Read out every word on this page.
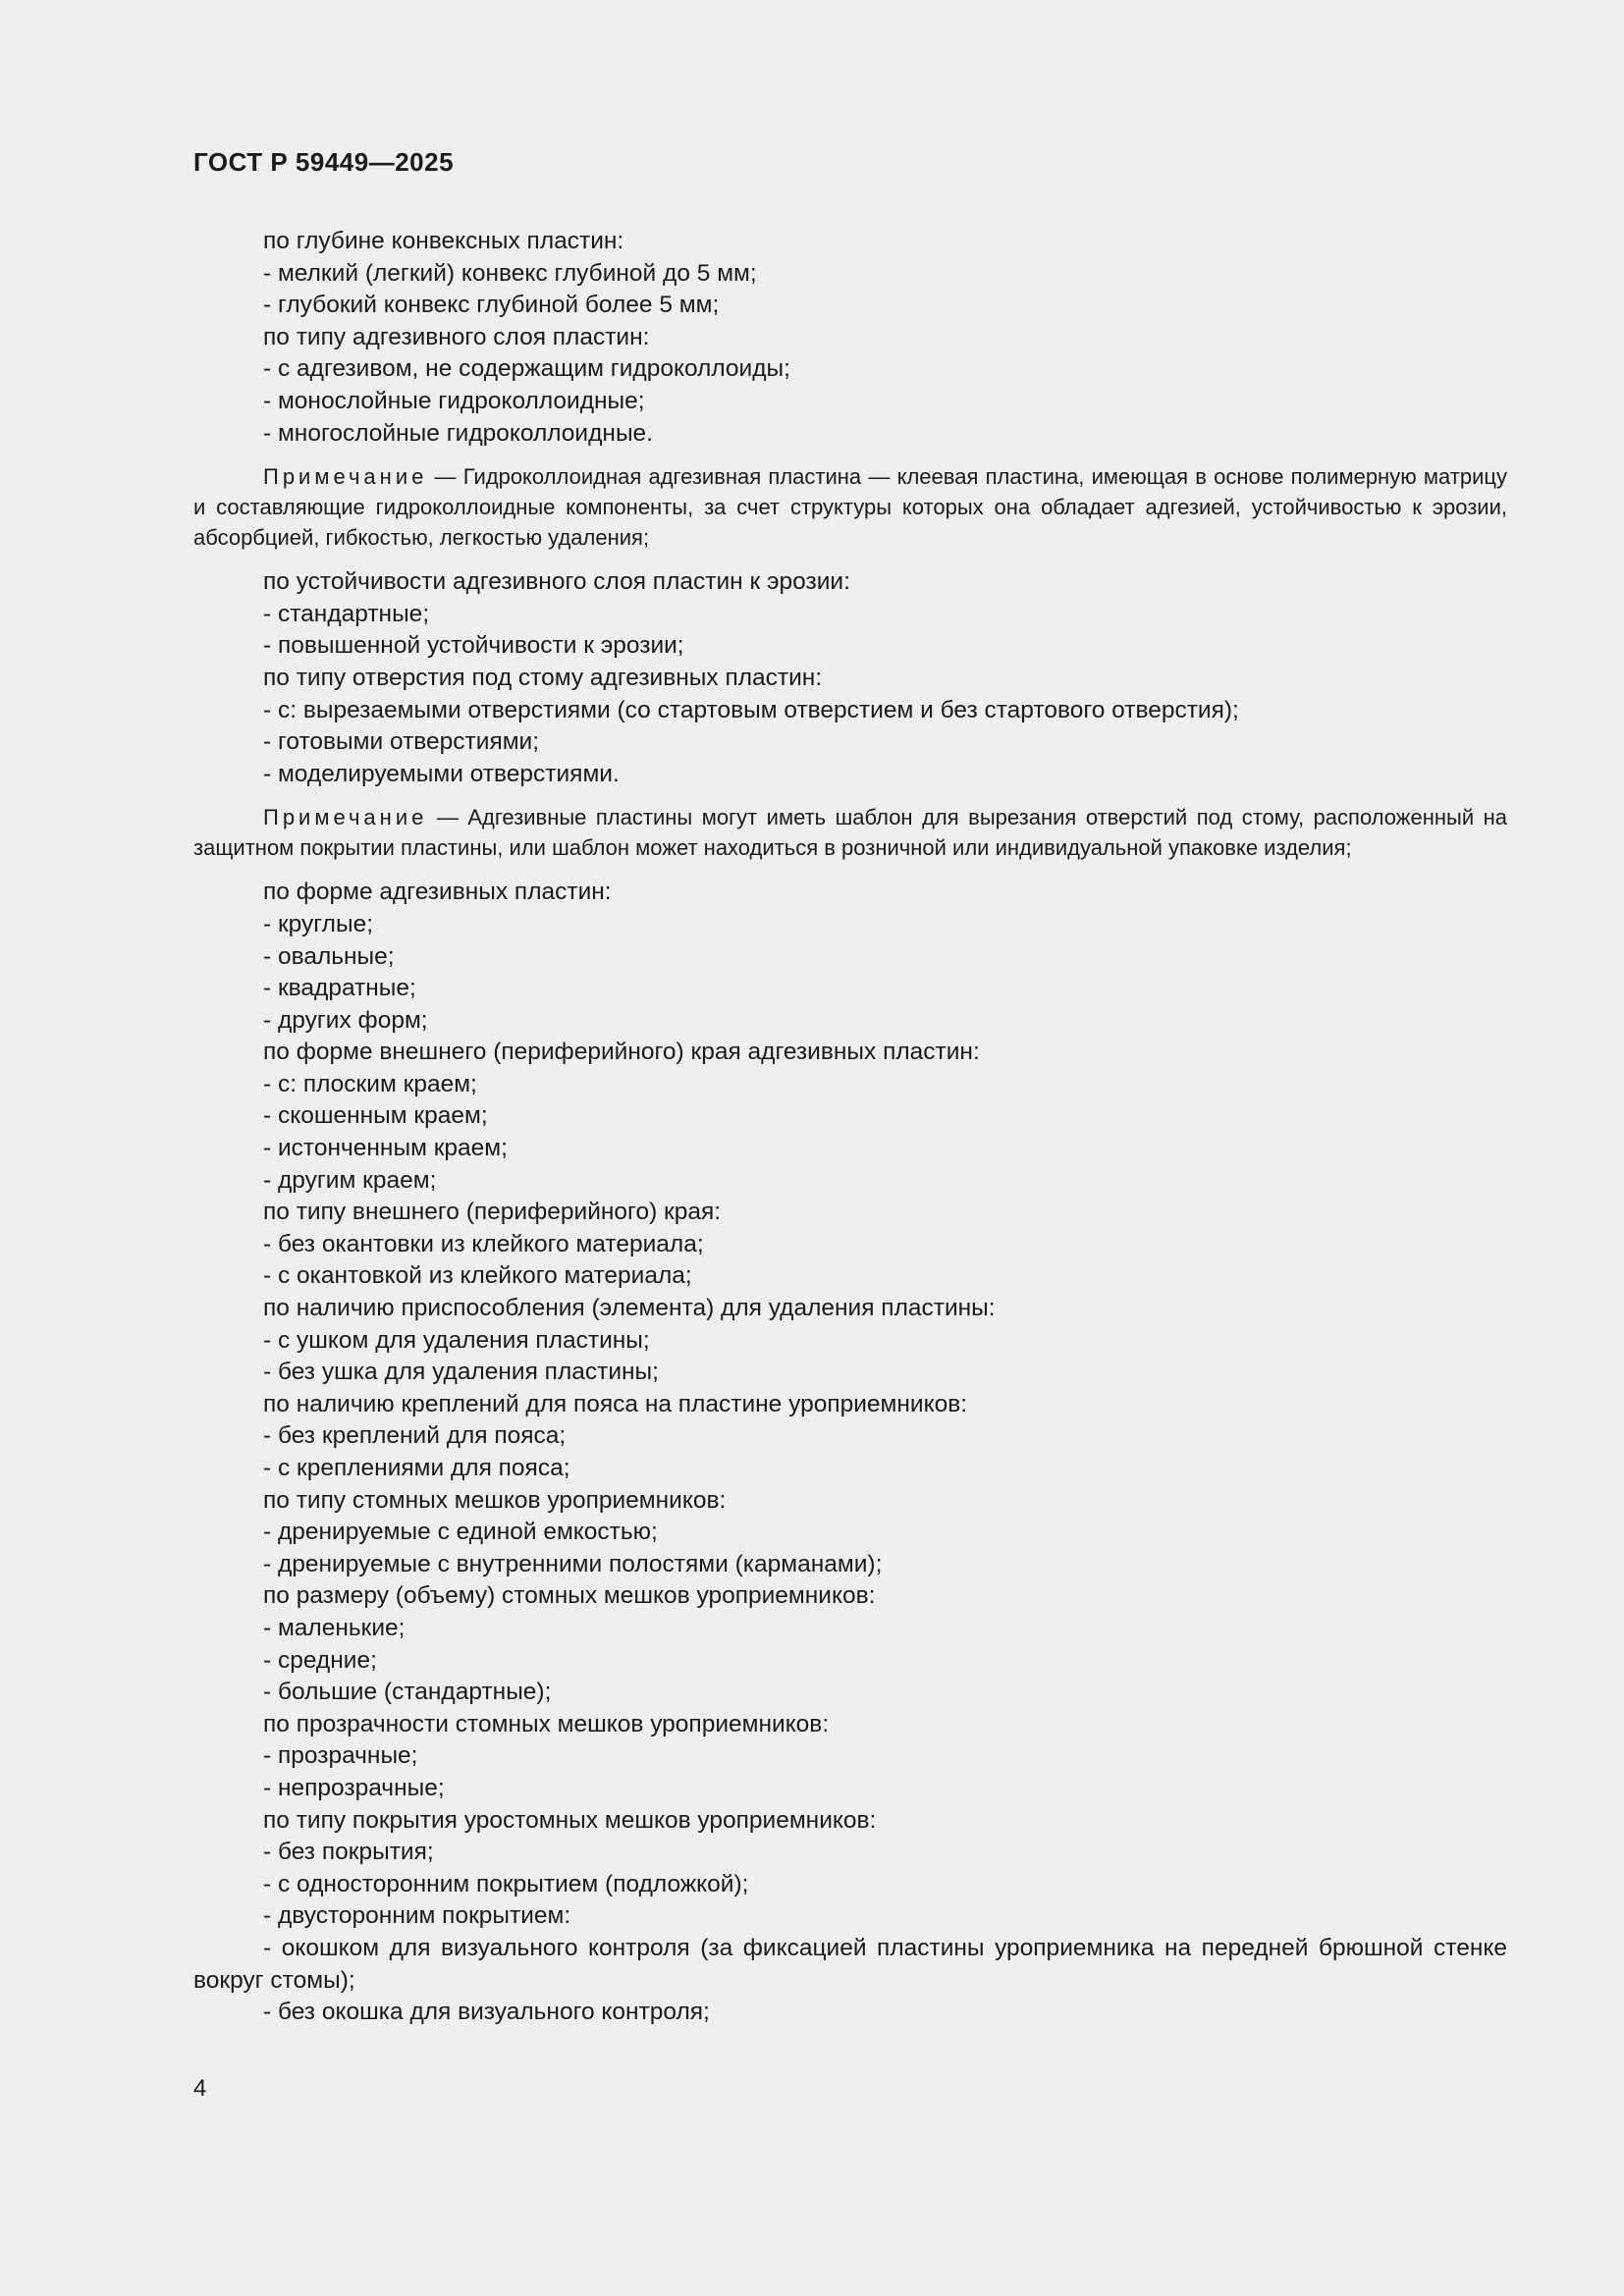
ГОСТ Р 59449—2025
по глубине конвексных пластин:
- мелкий (легкий) конвекс глубиной до 5 мм;
- глубокий конвекс глубиной более 5 мм;
по типу адгезивного слоя пластин:
- с адгезивом, не содержащим гидроколлоиды;
- монослойные гидроколлоидные;
- многослойные гидроколлоидные.
Примечание — Гидроколлоидная адгезивная пластина — клеевая пластина, имеющая в основе полимерную матрицу и составляющие гидроколлоидные компоненты, за счет структуры которых она обладает адгезией, устойчивостью к эрозии, абсорбцией, гибкостью, легкостью удаления;
по устойчивости адгезивного слоя пластин к эрозии:
- стандартные;
- повышенной устойчивости к эрозии;
по типу отверстия под стому адгезивных пластин:
- с: вырезаемыми отверстиями (со стартовым отверстием и без стартового отверстия);
- готовыми отверстиями;
- моделируемыми отверстиями.
Примечание — Адгезивные пластины могут иметь шаблон для вырезания отверстий под стому, расположенный на защитном покрытии пластины, или шаблон может находиться в розничной или индивидуальной упаковке изделия;
по форме адгезивных пластин:
- круглые;
- овальные;
- квадратные;
- других форм;
по форме внешнего (периферийного) края адгезивных пластин:
- с: плоским краем;
- скошенным краем;
- истонченным краем;
- другим краем;
по типу внешнего (периферийного) края:
- без окантовки из клейкого материала;
- с окантовкой из клейкого материала;
по наличию приспособления (элемента) для удаления пластины:
- с ушком для удаления пластины;
- без ушка для удаления пластины;
по наличию креплений для пояса на пластине уроприемников:
- без креплений для пояса;
- с креплениями для пояса;
по типу стомных мешков уроприемников:
- дренируемые с единой емкостью;
- дренируемые с внутренними полостями (карманами);
по размеру (объему) стомных мешков уроприемников:
- маленькие;
- средние;
- большие (стандартные);
по прозрачности стомных мешков уроприемников:
- прозрачные;
- непрозрачные;
по типу покрытия уростомных мешков уроприемников:
- без покрытия;
- с односторонним покрытием (подложкой);
- двусторонним покрытием:
- окошком для визуального контроля (за фиксацией пластины уроприемника на передней брюшной стенке вокруг стомы);
- без окошка для визуального контроля;
4
